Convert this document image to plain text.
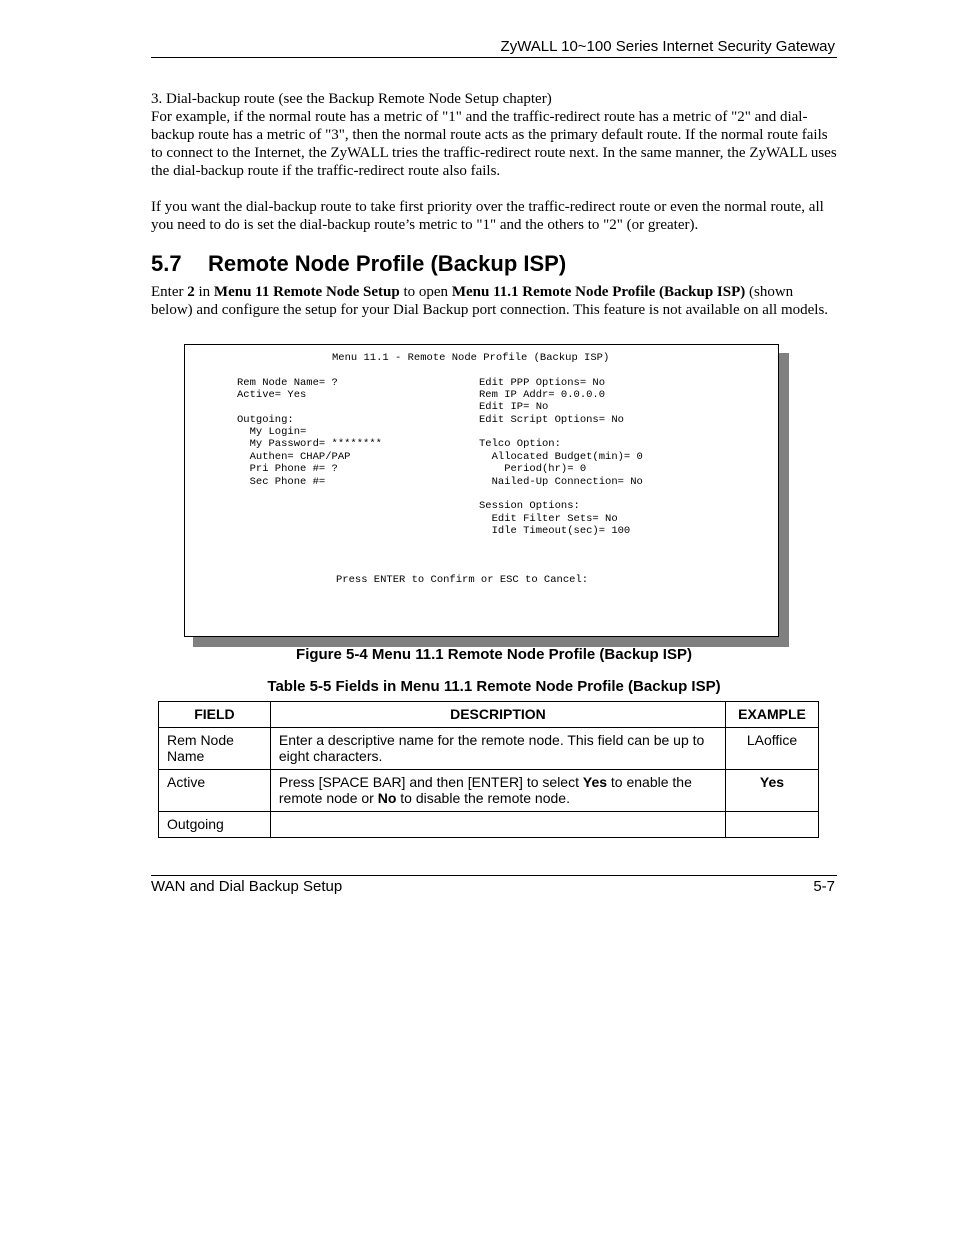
ZyWALL 10~100 Series Internet Security Gateway
3. Dial-backup route (see the Backup Remote Node Setup chapter)
For example, if the normal route has a metric of "1" and the traffic-redirect route has a metric of "2" and dial-backup route has a metric of "3", then the normal route acts as the primary default route. If the normal route fails to connect to the Internet, the ZyWALL tries the traffic-redirect route next. In the same manner, the ZyWALL uses the dial-backup route if the traffic-redirect route also fails.
If you want the dial-backup route to take first priority over the traffic-redirect route or even the normal route, all you need to do is set the dial-backup route’s metric to "1" and the others to "2" (or greater).
5.7 Remote Node Profile (Backup ISP)
Enter 2 in Menu 11 Remote Node Setup to open Menu 11.1 Remote Node Profile (Backup ISP) (shown below) and configure the setup for your Dial Backup port connection. This feature is not available on all models.
Menu 11.1 - Remote Node Profile (Backup ISP)
Rem Node Name= ?
Active= Yes
Outgoing:
My Login=
My Password= ********
Authen= CHAP/PAP
Pri Phone #= ?
Sec Phone #=
Edit PPP Options= No
Rem IP Addr= 0.0.0.0
Edit IP= No
Edit Script Options= No
Telco Option:
Allocated Budget(min)= 0
Period(hr)= 0
Nailed-Up Connection= No
Session Options:
Edit Filter Sets= No
Idle Timeout(sec)= 100
Press ENTER to Confirm or ESC to Cancel:
Figure 5-4 Menu 11.1 Remote Node Profile (Backup ISP)
Table 5-5 Fields in Menu 11.1 Remote Node Profile (Backup ISP)
FIELD	DESCRIPTION	EXAMPLE
Rem Node Name	Enter a descriptive name for the remote node. This field can be up to eight characters.	LAoffice
Active	Press [SPACE BAR] and then [ENTER] to select Yes to enable the remote node or No to disable the remote node.	Yes
Outgoing		
WAN and Dial Backup Setup	5-7
